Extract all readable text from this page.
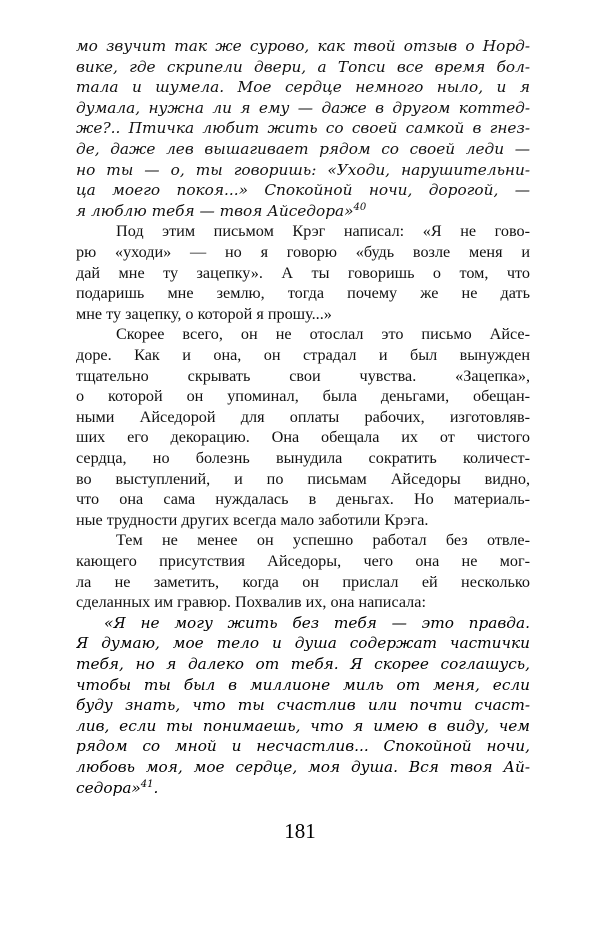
мо звучит так же сурово, как твой отзыв о Норд-

вике, где скрипели двери, а Топси все время бол-

тала и шумела. Мое сердце немного ныло, и я

думала, нужна ли я ему — даже в другом коттед-

же?.. Птичка любит жить со своей самкой в гнез-

де, даже лев вышагивает рядом со своей леди —

но ты — о, ты говоришь: «Уходи, нарушительни-

ца моего покоя...» Спокойной ночи, дорогой, —

я люблю тебя — твоя Айседора»$^{40}$

Под этим письмом Крэг написал: «Я не гово-

рю «уходи» — но я говорю «будь возле меня и

дай мне ту зацепку». А ты говоришь о том, что

подаришь мне землю, тогда почему же не дать

мне ту зацепку, о которой я прошу...»

Скорее всего, он не отослал это письмо Айсе-

доре. Как и она, он страдал и был вынужден

тщательно скрывать свои чувства. «Зацепка»,

о которой он упоминал, была деньгами, обещан-

ными Айседорой для оплаты рабочих, изготовляв-

ших его декорацию. Она обещала их от чистого

сердца, но болезнь вынудила сократить количест-

во выступлений, и по письмам Айседоры видно,

что она сама нуждалась в деньгах. Но материаль-

ные трудности других всегда мало заботили Крэга.

Тем не менее он успешно работал без отвле-

кающего присутствия Айседоры, чего она не мог-

ла не заметить, когда он прислал ей несколько

сделанных им гравюр. Похвалив их, она написала:

«Я не могу жить без тебя — это правда.

Я думаю, мое тело и душа содержат частички

тебя, но я далеко от тебя. Я скорее соглашусь,

чтобы ты был в миллионе миль от меня, если

буду знать, что ты счастлив или почти счаст-

лив, если ты понимаешь, что я имею в виду, чем

рядом со мной и несчастлив... Спокойной ночи,

любовь моя, мое сердце, моя душа. Вся твоя Ай-

седора»$^{41}$.

181
